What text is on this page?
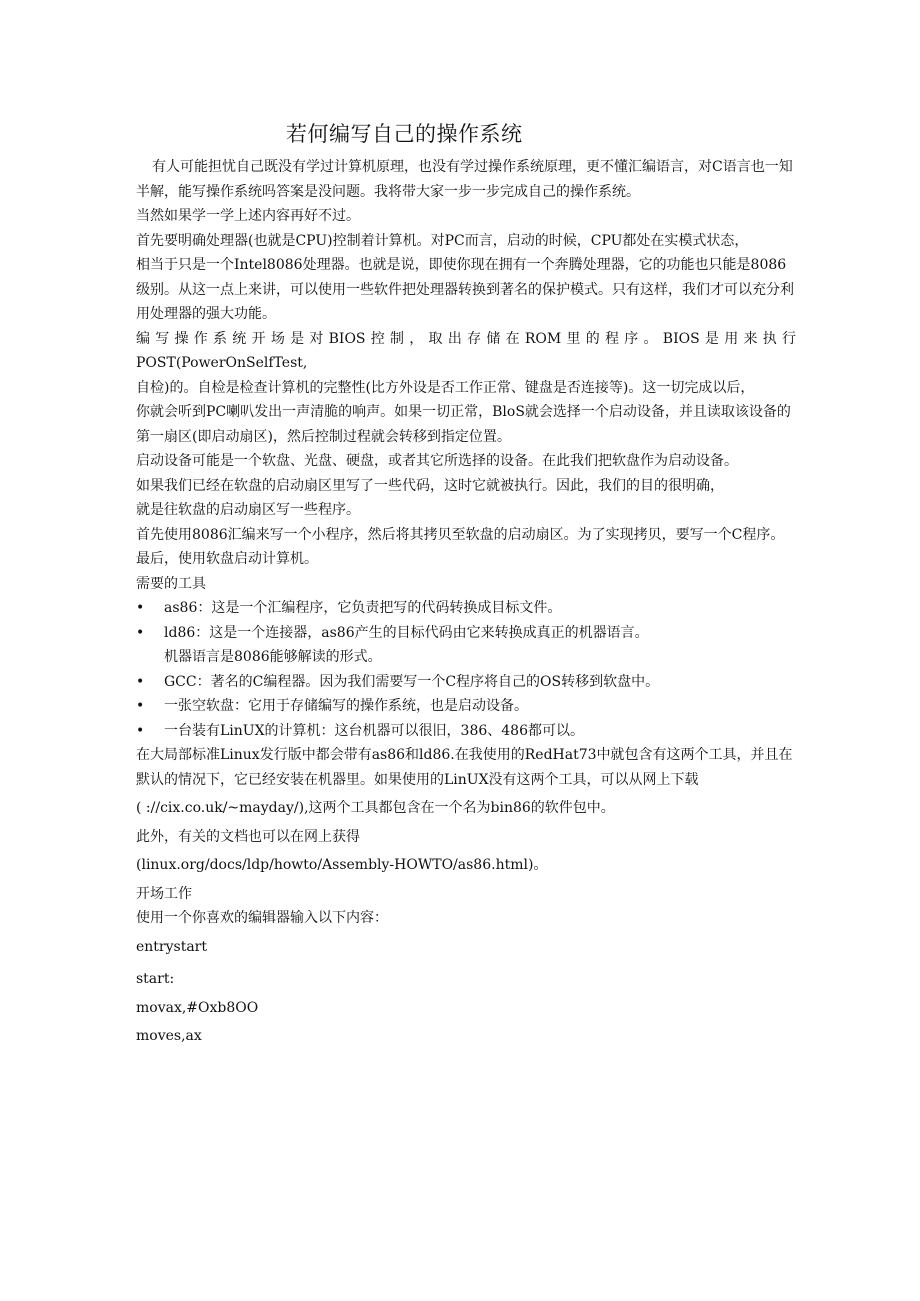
若何编写自己的操作系统

有人可能担忧自己既没有学过计算机原理，也没有学过操作系统原理，更不懂汇编语言，对C语言也一知半解，能写操作系统吗答案是没问题。我将带大家一步一步完成自己的操作系统。

当然如果学一学上述内容再好不过。

首先要明确处理器(也就是CPU)控制着计算机。对PC而言，启动的时候，CPU都处在实模式状态，

相当于只是一个Intel8086处理器。也就是说，即使你现在拥有一个奔腾处理器，它的功能也只能是8086级别。从这一点上来讲，可以使用一些软件把处理器转换到著名的保护模式。只有这样，我们才可以充分利用处理器的强大功能。

编写操作系统开场是对BIOS控制，取出存储在ROM里的程序。BIOS是用来执行

POST(PowerOnSelfTest,

自检)的。自检是检查计算机的完整性(比方外设是否工作正常、键盘是否连接等)。这一切完成以后，

你就会听到PC喇叭发出一声清脆的响声。如果一切正常，BloS就会选择一个启动设备，并且读取该设备的第一扇区(即启动扇区)，然后控制过程就会转移到指定位置。

启动设备可能是一个软盘、光盘、硬盘，或者其它所选择的设备。在此我们把软盘作为启动设备。

如果我们已经在软盘的启动扇区里写了一些代码，这时它就被执行。因此，我们的目的很明确，

就是往软盘的启动扇区写一些程序。

首先使用8086汇编来写一个小程序，然后将其拷贝至软盘的启动扇区。为了实现拷贝，要写一个C程序。

最后，使用软盘启动计算机。

需要的工具

• as86：这是一个汇编程序，它负责把写的代码转换成目标文件。
• ld86：这是一个连接器，as86产生的目标代码由它来转换成真正的机器语言。
机器语言是8086能够解读的形式。
• GCC：著名的C编程器。因为我们需要写一个C程序将自己的OS转移到软盘中。
• 一张空软盘：它用于存储编写的操作系统，也是启动设备。
• 一台装有LinUX的计算机：这台机器可以很旧，386、486都可以。

在大局部标准Linux发行版中都会带有as86和ld86.在我使用的RedHat73中就包含有这两个工具，并且在默认的情况下，它已经安装在机器里。如果使用的LinUX没有这两个工具，可以从网上下载

( ://cix.co.uk/~mayday/),这两个工具都包含在一个名为bin86的软件包中。

此外，有关的文档也可以在网上获得

(linux.org/docs/ldp/howto/Assembly-HOWTO/as86.html)。

开场工作

使用一个你喜欢的编辑器输入以下内容：

entrystart

start:

movax,#Oxb8OO

moves,ax
